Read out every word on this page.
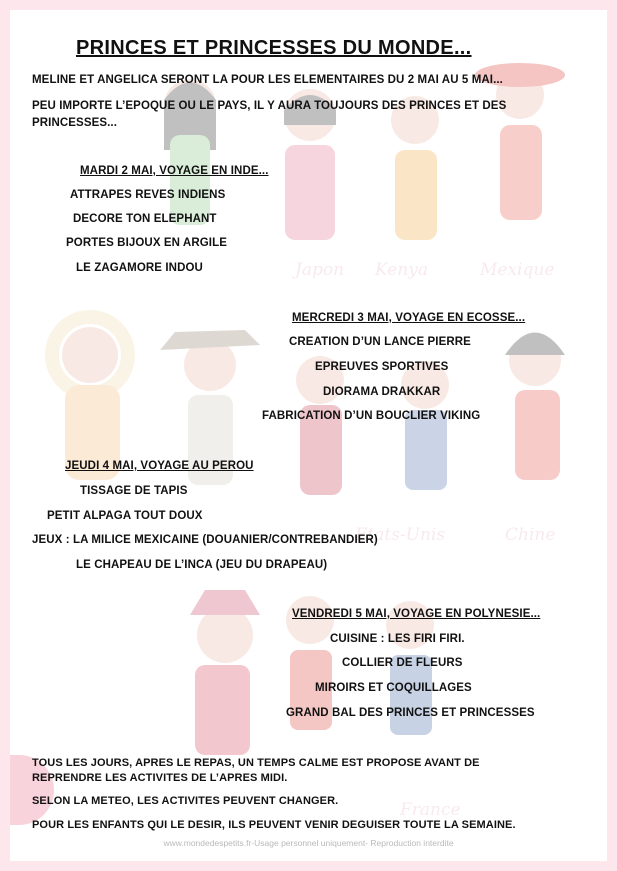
Japon Kenya	Mexique
Etats-Unis	Chine
France
PRINCES ET PRINCESSES DU MONDE...
MELINE ET ANGELICA SERONT LA POUR LES ELEMENTAIRES DU 2 MAI AU 5 MAI...
PEU IMPORTE L’EPOQUE OU LE PAYS, IL Y AURA TOUJOURS DES PRINCES ET DES PRINCESSES...
MARDI 2 MAI, VOYAGE EN INDE...
ATTRAPES REVES INDIENS
DECORE TON ELEPHANT
PORTES BIJOUX EN ARGILE
LE ZAGAMORE INDOU
MERCREDI 3 MAI, VOYAGE EN ECOSSE...
CREATION D’UN LANCE PIERRE
EPREUVES SPORTIVES
DIORAMA DRAKKAR
FABRICATION D’UN BOUCLIER VIKING
JEUDI 4 MAI, VOYAGE AU PEROU
TISSAGE DE TAPIS
PETIT ALPAGA TOUT DOUX
JEUX : LA MILICE MEXICAINE (DOUANIER/CONTREBANDIER)
LE CHAPEAU DE L’INCA (JEU DU DRAPEAU)
VENDREDI 5 MAI, VOYAGE EN POLYNESIE...
CUISINE : LES FIRI FIRI.
COLLIER DE FLEURS
MIROIRS ET COQUILLAGES
GRAND BAL DES PRINCES ET PRINCESSES
TOUS LES JOURS, APRES LE REPAS, UN TEMPS CALME EST PROPOSE AVANT DE REPRENDRE LES ACTIVITES DE L’APRES MIDI.
SELON LA METEO, LES ACTIVITES PEUVENT CHANGER.
POUR LES ENFANTS QUI LE DESIR, ILS PEUVENT VENIR DEGUISER TOUTE LA SEMAINE.
www.mondedespetits.fr-Usage personnel uniquement- Reproduction interdite
